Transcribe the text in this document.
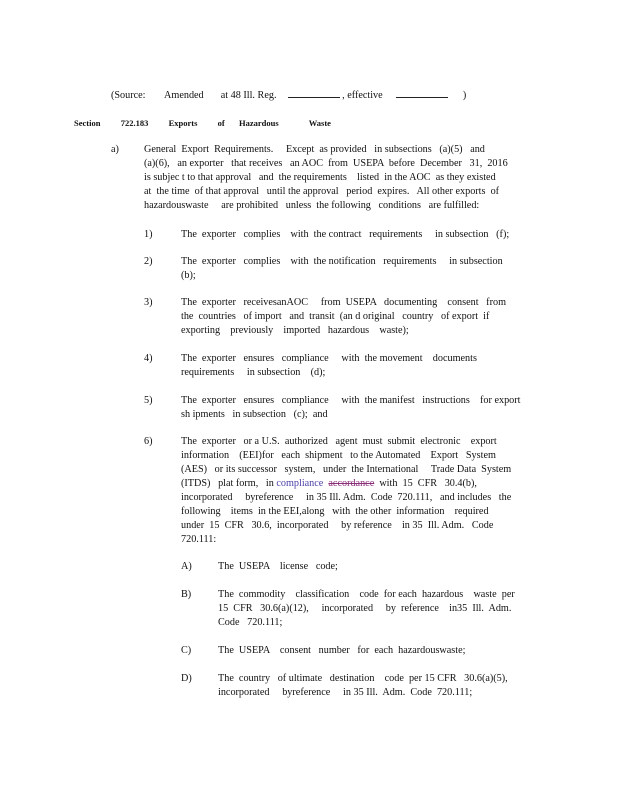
(Source: Amended at 48 Ill. Reg.	, effective	)
Section 722.183 Exports of Hazardous	Waste
a) General  Export  Requirements.     Except  as provided   in subsections   (a)(5)   and
(a)(6),   an exporter   that receives   an AOC  from  USEPA  before  December   31,  2016
is subjec t to that approval   and  the requirements    listed  in the AOC  as they existed
at  the time  of that approval   until the approval   period  expires.   All other exports  of
hazardouswaste     are prohibited   unless  the following   conditions   are fulfilled:
1)	The  exporter   complies    with  the contract   requirements     in subsection   (f);
2)	The  exporter   complies    with  the notification   requirements     in subsection
(b);
3)	The  exporter   receivesanAOC     from  USEPA   documenting    consent   from
the  countries   of import   and  transit  (an d original   country   of export  if
exporting    previously    imported   hazardous    waste);
4)	The  exporter   ensures   compliance     with  the movement    documents
requirements     in subsection    (d);
5)	The  exporter   ensures   compliance     with  the manifest   instructions    for export
sh ipments   in subsection   (c);  and
6)	The  exporter   or a U.S.  authorized   agent  must  submit  electronic    export
information    (EEI)for   each  shipment   to the Automated    Export   System
(AES)   or its successor   system,   under  the International     Trade Data  System
(ITDS)   plat form,   in compliance accordance  with  15  CFR   30.4(b),
incorporated     byreference     in 35 Ill. Adm.  Code  720.111,   and includes   the
following    items  in the EEI,along   with  the other  information    required
under  15  CFR   30.6,  incorporated     by reference    in 35  Ill. Adm.   Code
720.111:
A)	The  USEPA    license   code;
B)	The  commodity    classification    code  for each  hazardous    waste  per
15  CFR   30.6(a)(12),     incorporated     by  reference    in35  Ill.  Adm.
Code   720.111;
C)	The  USEPA    consent   number   for  each  hazardouswaste;
D)	The  country   of ultimate   destination    code  per 15 CFR   30.6(a)(5),
incorporated     byreference     in 35 Ill.  Adm.  Code  720.111;
